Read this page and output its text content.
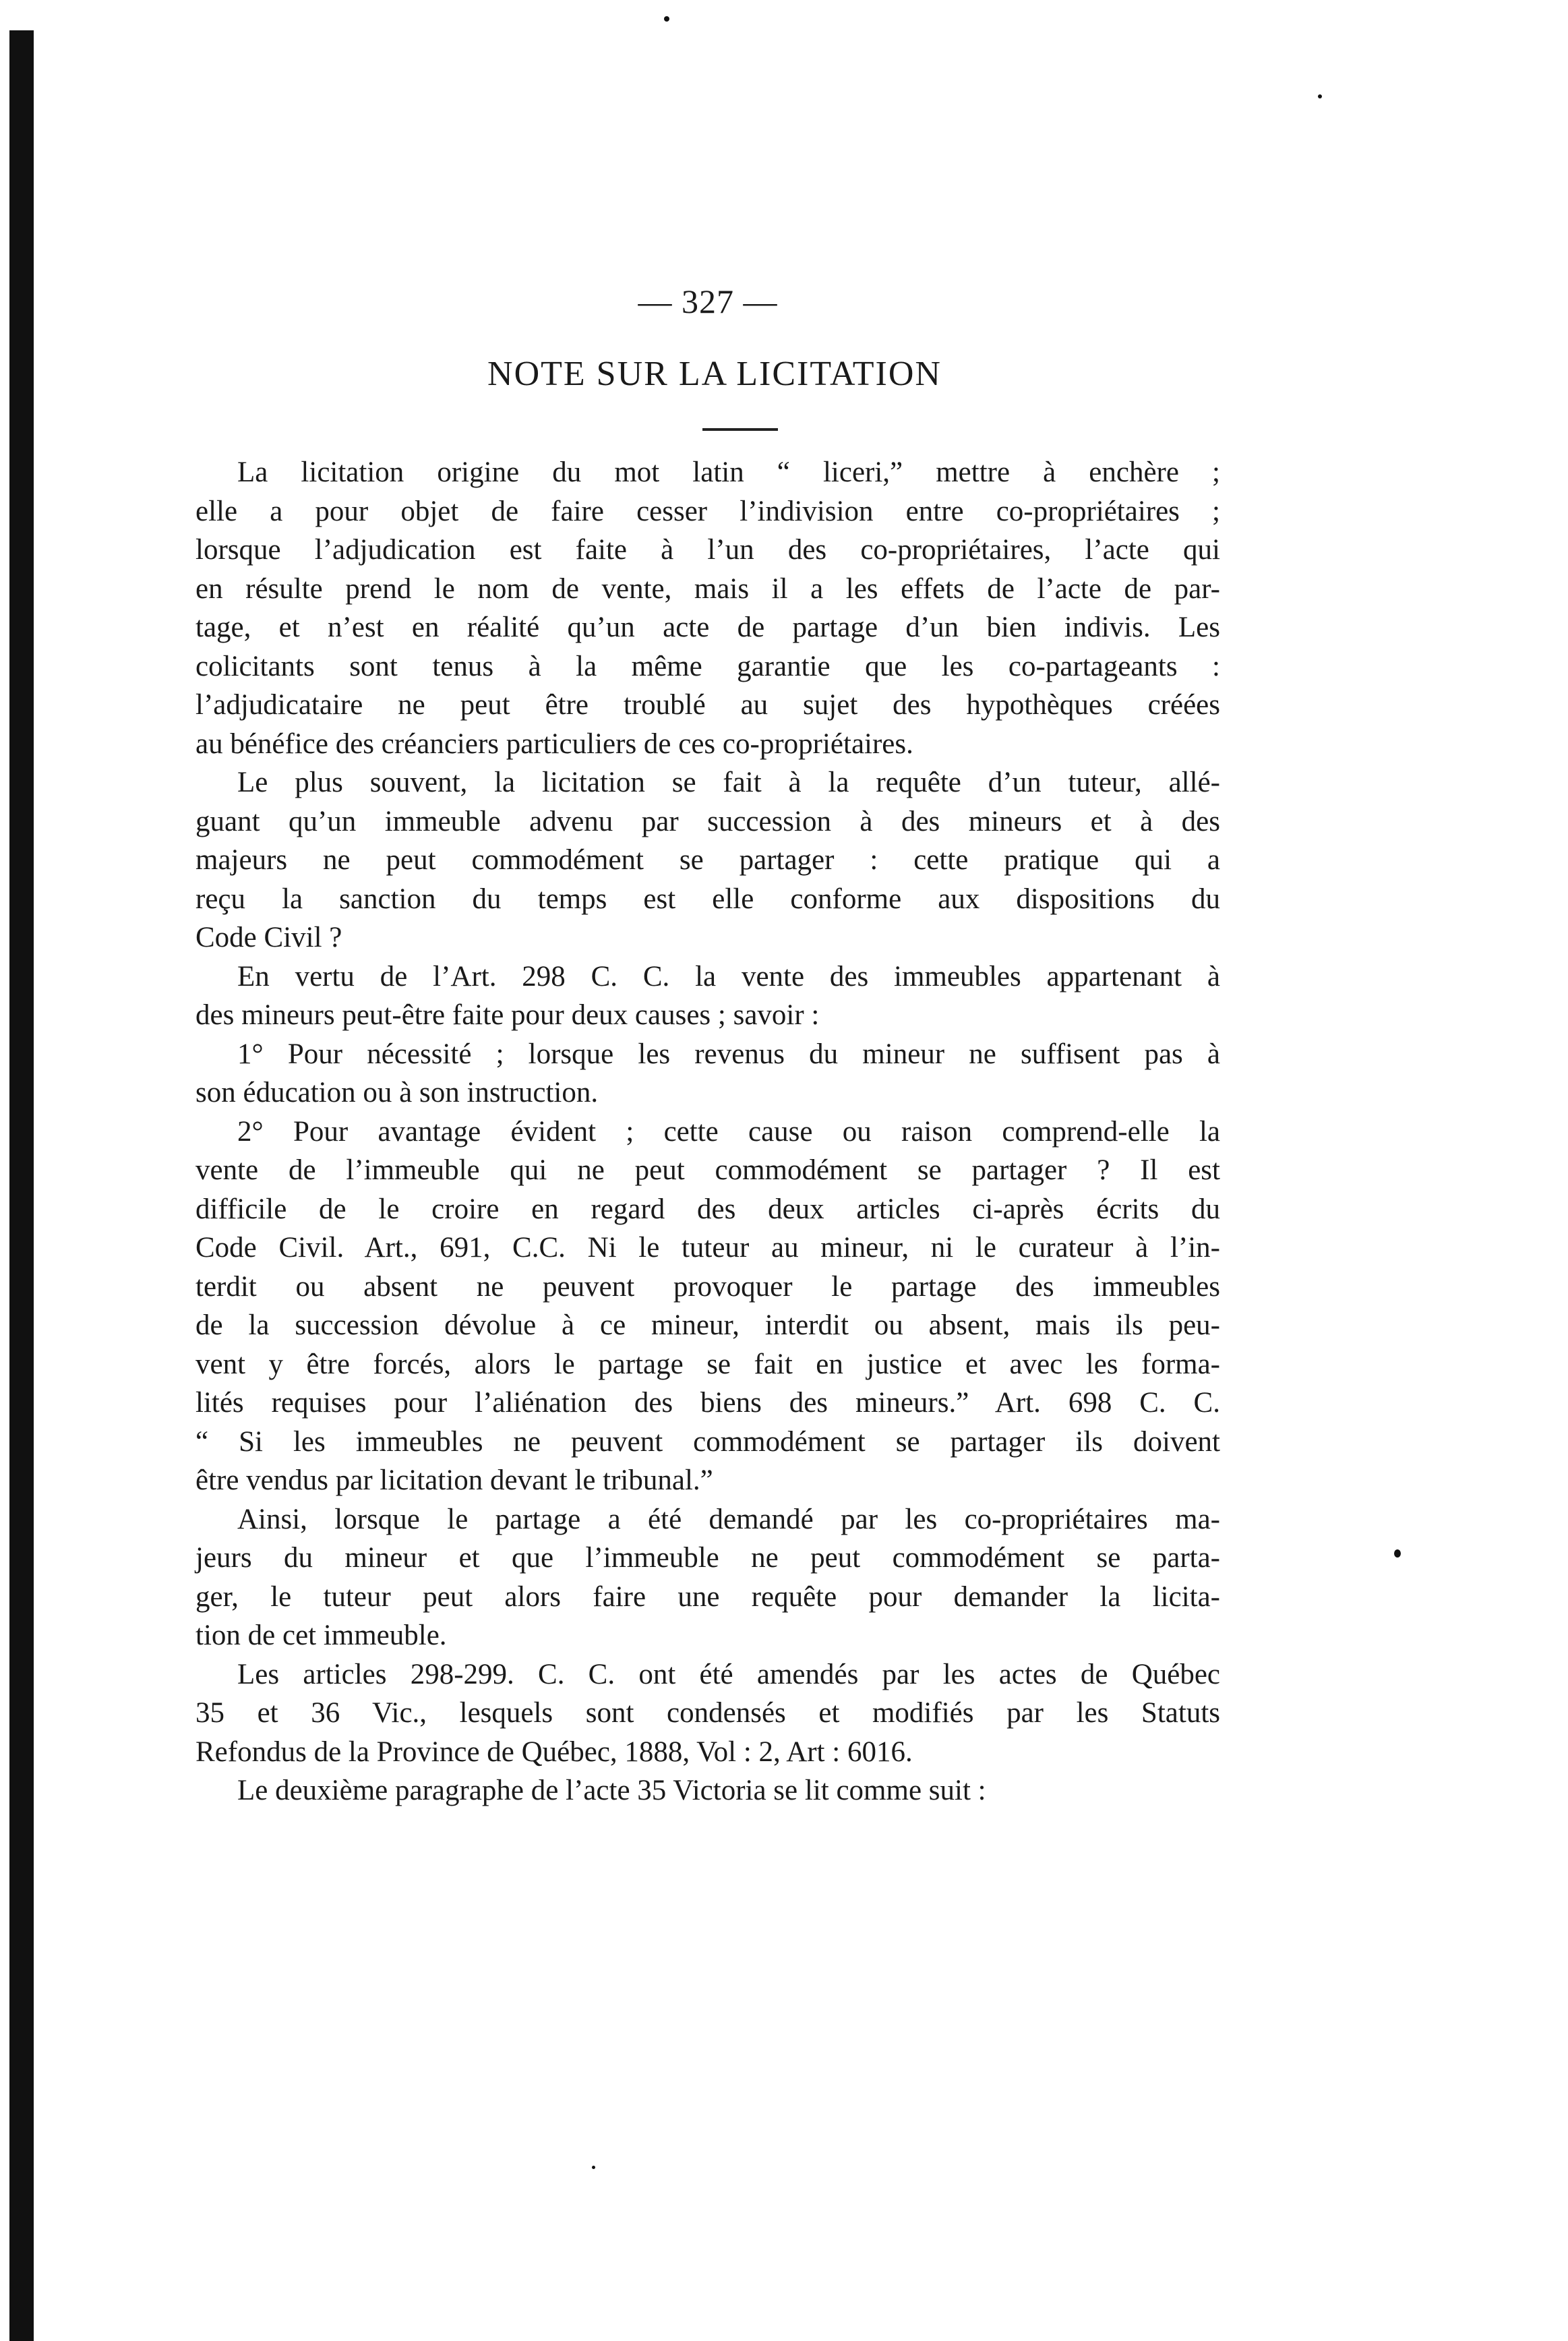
— 327 —
NOTE SUR LA LICITATION
La licitation origine du mot latin “ liceri,” mettre à enchère ;
elle a pour objet de faire cesser l’indivision entre co-propriétaires ;
lorsque l’adjudication est faite à l’un des co-propriétaires, l’acte qui
en résulte prend le nom de vente, mais il a les effets de l’acte de par-
tage, et n’est en réalité qu’un acte de partage d’un bien indivis. Les
colicitants sont tenus à la même garantie que les co-partageants :
l’adjudicataire ne peut être troublé au sujet des hypothèques créées
au bénéfice des créanciers particuliers de ces co-propriétaires.
Le plus souvent, la licitation se fait à la requête d’un tuteur, allé-
guant qu’un immeuble advenu par succession à des mineurs et à des
majeurs ne peut commodément se partager : cette pratique qui a
reçu la sanction du temps est elle conforme aux dispositions du
Code Civil ?
En vertu de l’Art. 298 C. C. la vente des immeubles appartenant à
des mineurs peut-être faite pour deux causes ; savoir :
1° Pour nécessité ; lorsque les revenus du mineur ne suffisent pas à
son éducation ou à son instruction.
2° Pour avantage évident ; cette cause ou raison comprend-elle la
vente de l’immeuble qui ne peut commodément se partager ? Il est
difficile de le croire en regard des deux articles ci-après écrits du
Code Civil. Art., 691, C.C. Ni le tuteur au mineur, ni le curateur à l’in-
terdit ou absent ne peuvent provoquer le partage des immeubles
de la succession dévolue à ce mineur, interdit ou absent, mais ils peu-
vent y être forcés, alors le partage se fait en justice et avec les forma-
lités requises pour l’aliénation des biens des mineurs.” Art. 698 C. C.
“ Si les immeubles ne peuvent commodément se partager ils doivent
être vendus par licitation devant le tribunal.”
Ainsi, lorsque le partage a été demandé par les co-propriétaires ma-
jeurs du mineur et que l’immeuble ne peut commodément se parta-
ger, le tuteur peut alors faire une requête pour demander la licita-
tion de cet immeuble.
Les articles 298-299. C. C. ont été amendés par les actes de Québec
35 et 36 Vic., lesquels sont condensés et modifiés par les Statuts
Refondus de la Province de Québec, 1888, Vol : 2, Art : 6016.
Le deuxième paragraphe de l’acte 35 Victoria se lit comme suit :
